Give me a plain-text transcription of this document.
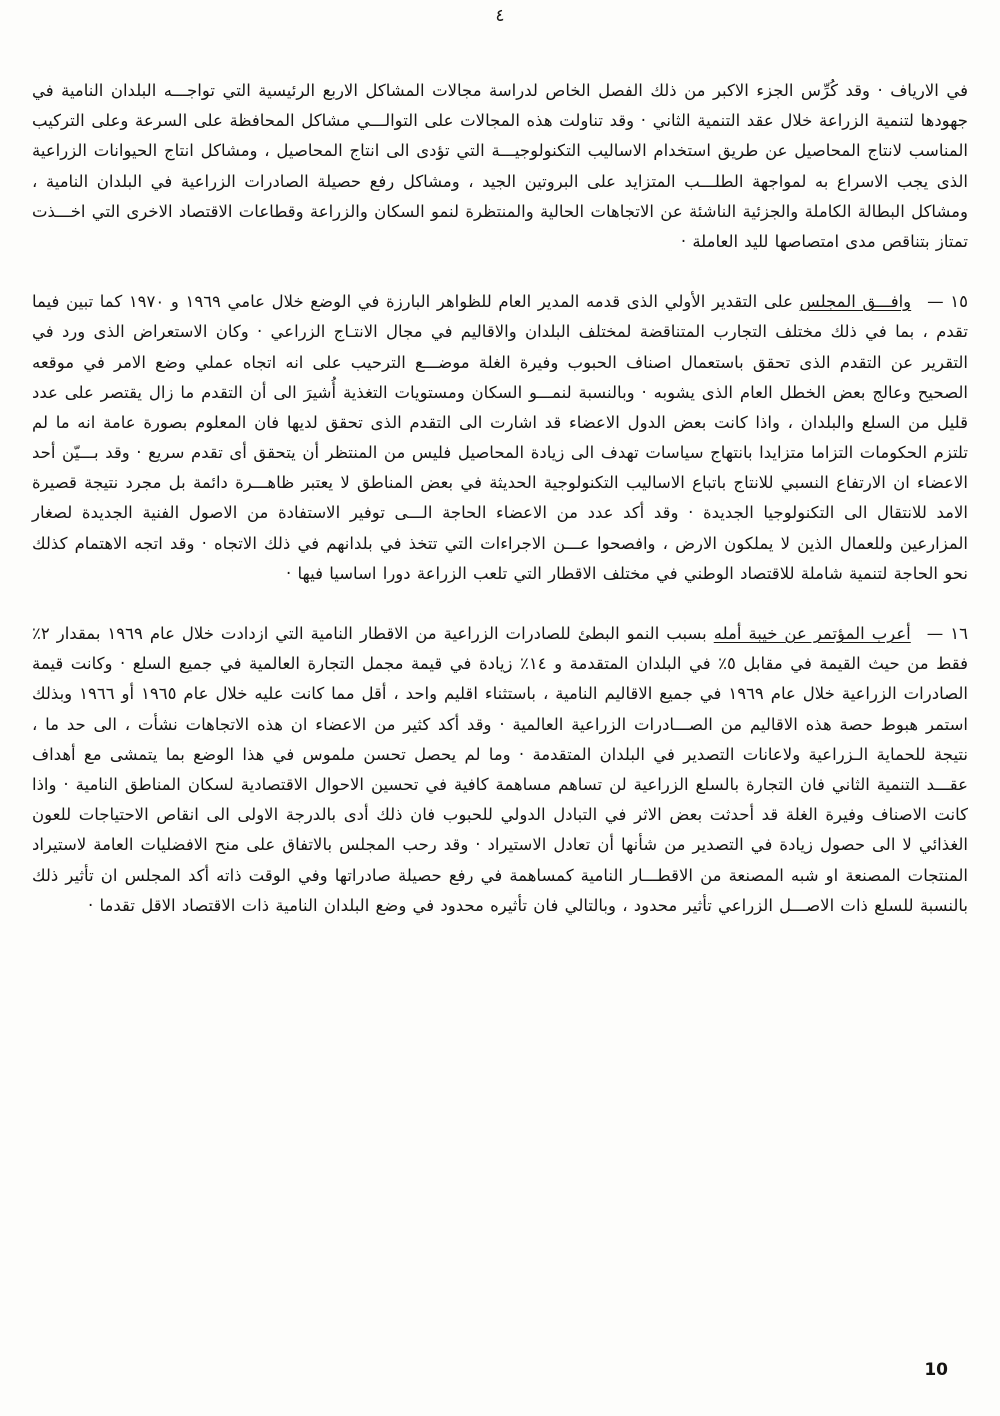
٤

في الارياف · وقد كُرِّس الجزء الاكبر من ذلك الفصل الخاص لدراسة مجالات المشاكل الاربع الرئيسية التي تواجـــه البلدان النامية في جهودها لتنمية الزراعة خلال عقد التنمية الثاني · وقد تناولت هذه المجالات على التوالـــي مشاكل المحافظة على السرعة وعلى التركيب المناسب لانتاج المحاصيل عن طريق استخدام الاساليب التكنولوجيـــة التي تؤدى الى انتاج المحاصيل ، ومشاكل انتاج الحيوانات الزراعية الذى يجب الاسراع به لمواجهة الطلـــب المتزايد على البروتين الجيد ، ومشاكل رفع حصيلة الصادرات الزراعية في البلدان النامية ، ومشاكل البطالة الكاملة والجزئية الناشئة عن الاتجاهات الحالية والمنتظرة لنمو السكان والزراعة وقطاعات الاقتصاد الاخرى التي اخـــذت تمتاز بتناقص مدى امتصاصها لليد العاملة ·

١٥ —وافـــق المجلس على التقدير الأولي الذى قدمه المدير العام للظواهر البارزة في الوضع خلال عامي ١٩٦٩ و ١٩٧٠ كما تبين فيما تقدم ، بما في ذلك مختلف التجارب المتناقضة لمختلف البلدان والاقاليم في مجال الانتـاج الزراعي · وكان الاستعراض الذى ورد في التقرير عن التقدم الذى تحقق باستعمال اصناف الحبوب وفيرة الغلة موضـــع الترحيب على انه اتجاه عملي وضع الامر في موقعه الصحيح وعالج بعض الخطل العام الذى يشوبه · وبالنسبة لنمـــو السكان ومستويات التغذية أُشيرَ الى أن التقدم ما زال يقتصر على عدد قليل من السلع والبلدان ، واذا كانت بعض الدول الاعضاء قد اشارت الى التقدم الذى تحقق لديها فان المعلوم بصورة عامة انه ما لم تلتزم الحكومات التزاما متزايدا بانتهاج سياسات تهدف الى زيادة المحاصيل فليس من المنتظر أن يتحقق أى تقدم سريع · وقد بـــيّن أحد الاعضاء ان الارتفاع النسبي للانتاج باتباع الاساليب التكنولوجية الحديثة في بعض المناطق لا يعتبر ظاهـــرة دائمة بل مجرد نتيجة قصيرة الامد للانتقال الى التكنولوجيا الجديدة · وقد أكد عدد من الاعضاء الحاجة الـــى توفير الاستفادة من الاصول الفنية الجديدة لصغار المزارعين وللعمال الذين لا يملكون الارض ، وافصحوا عـــن الاجراءات التي تتخذ في بلدانهم في ذلك الاتجاه · وقد اتجه الاهتمام كذلك نحو الحاجة لتنمية شاملة للاقتصاد الوطني في مختلف الاقطار التي تلعب الزراعة دورا اساسيا فيها ·

١٦ —أعرب المؤتمر عن خيبة أمله بسبب النمو البطئ للصادرات الزراعية من الاقطار النامية التي ازدادت خلال عام ١٩٦٩ بمقدار ٢٪ فقط من حيث القيمة في مقابل ٥٪ في البلدان المتقدمة و ١٤٪ زيادة في قيمة مجمل التجارة العالمية في جميع السلع · وكانت قيمة الصادرات الزراعية خلال عام ١٩٦٩ في جميع الاقاليم النامية ، باستثناء اقليم واحد ، أقل مما كانت عليه خلال عام ١٩٦٥ أو ١٩٦٦ وبذلك استمر هبوط حصة هذه الاقاليم من الصـــادرات الزراعية العالمية · وقد أكد كثير من الاعضاء ان هذه الاتجاهات نشأت ، الى حد ما ، نتيجة للحماية الـزراعية ولاعانات التصدير في البلدان المتقدمة · وما لم يحصل تحسن ملموس في هذا الوضع بما يتمشى مع أهداف عقـــد التنمية الثاني فان التجارة بالسلع الزراعية لن تساهم مساهمة كافية في تحسين الاحوال الاقتصادية لسكان المناطق النامية · واذا كانت الاصناف وفيرة الغلة قد أحدثت بعض الاثر في التبادل الدولي للحبوب فان ذلك أدى بالدرجة الاولى الى انقاص الاحتياجات للعون الغذائي لا الى حصول زيادة في التصدير من شأنها أن تعادل الاستيراد · وقد رحب المجلس بالاتفاق على منح الافضليات العامة لاستيراد المنتجات المصنعة او شبه المصنعة من الاقطـــار النامية كمساهمة في رفع حصيلة صادراتها وفي الوقت ذاته أكد المجلس ان تأثير ذلك بالنسبة للسلع ذات الاصـــل الزراعي تأثير محدود ، وبالتالي فان تأثيره محدود في وضع البلدان النامية ذات الاقتصاد الاقل تقدما ·

10
